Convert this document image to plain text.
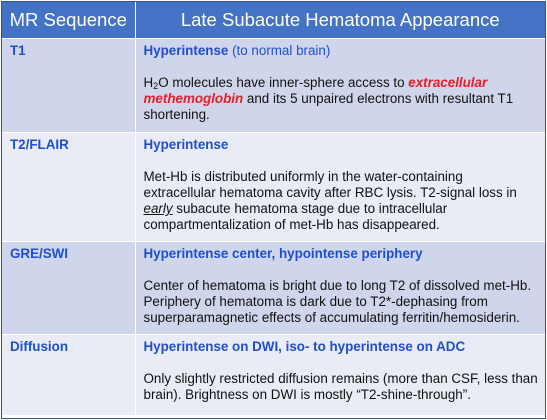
MR Sequence	Late Subacute Hematoma Appearance
T1	Hyperintense (to normal brain)
$H_2O$ molecules have inner-sphere access to extracellular methemoglobin and its 5 unpaired electrons with resultant T1 shortening.

T2/FLAIR	Hyperintense
Met-Hb is distributed uniformly in the water-containing extracellular hematoma cavity after RBC lysis. T2-signal loss in early subacute hematoma stage due to intracellular compartmentalization of met-Hb has disappeared.

GRE/SWI	Hyperintense center, hypointense periphery
Center of hematoma is bright due to long T2 of dissolved met-Hb. Periphery of hematoma is dark due to T2*-dephasing from superparamagnetic effects of accumulating ferritin/hemosiderin.

Diffusion	Hyperintense on DWI, iso- to hyperintense on ADC
Only slightly restricted diffusion remains (more than CSF, less than brain). Brightness on DWI is mostly “T2-shine-through”.
